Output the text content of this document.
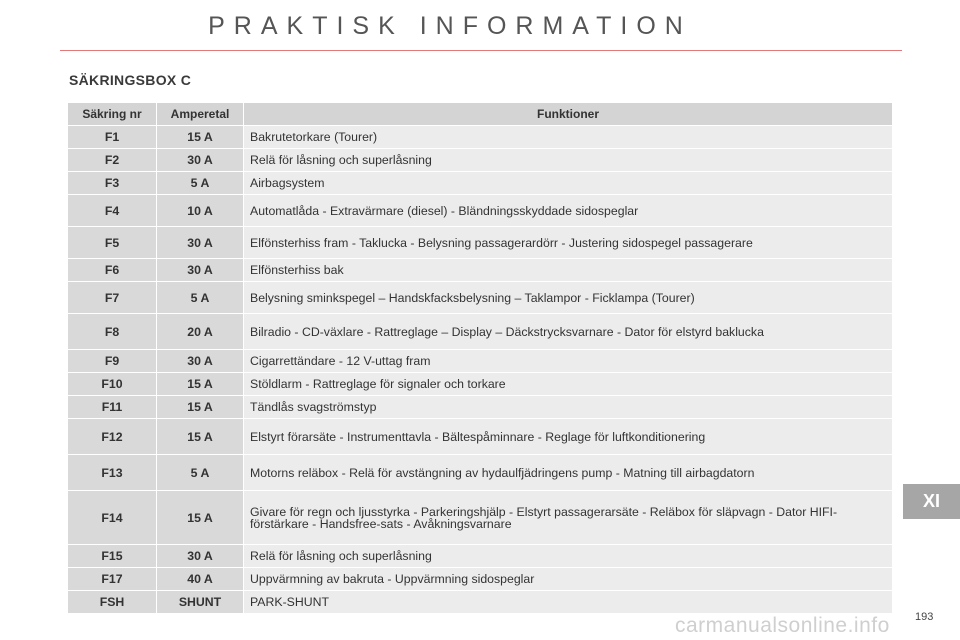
PRAKTISK INFORMATION
SÄKRINGSBOX C
Säkring nr	Amperetal	Funktioner
F1	15 A	Bakrutetorkare (Tourer)
F2	30 A	Relä för låsning och superlåsning
F3	5 A	Airbagsystem
F4	10 A	Automatlåda - Extravärmare (diesel) - Bländningsskyddade sidospeglar
F5	30 A	Elfönsterhiss fram - Taklucka - Belysning passagerardörr - Justering sidospegel passagerare
F6	30 A	Elfönsterhiss bak
F7	5 A	Belysning sminkspegel – Handskfacksbelysning – Taklampor - Ficklampa (Tourer)
F8	20 A	Bilradio - CD-växlare - Rattreglage – Display – Däckstrycksvarnare - Dator för elstyrd baklucka
F9	30 A	Cigarrettändare - 12 V-uttag fram
F10	15 A	Stöldlarm - Rattreglage för signaler och torkare
F11	15 A	Tändlås svagströmstyp
F12	15 A	Elstyrt förarsäte - Instrumenttavla - Bältespåminnare - Reglage för luftkonditionering
F13	5 A	Motorns reläbox - Relä för avstängning av hydaulfjädringens pump - Matning till airbagdatorn
F14	15 A	Givare för regn och ljusstyrka - Parkeringshjälp - Elstyrt passagerarsäte - Reläbox för släpvagn - Dator HIFI-förstärkare - Handsfree-sats - Avåkningsvarnare
F15	30 A	Relä för låsning och superlåsning
F17	40 A	Uppvärmning av bakruta - Uppvärmning sidospeglar
FSH	SHUNT	PARK-SHUNT
XI
193
carmanualsonline.info
